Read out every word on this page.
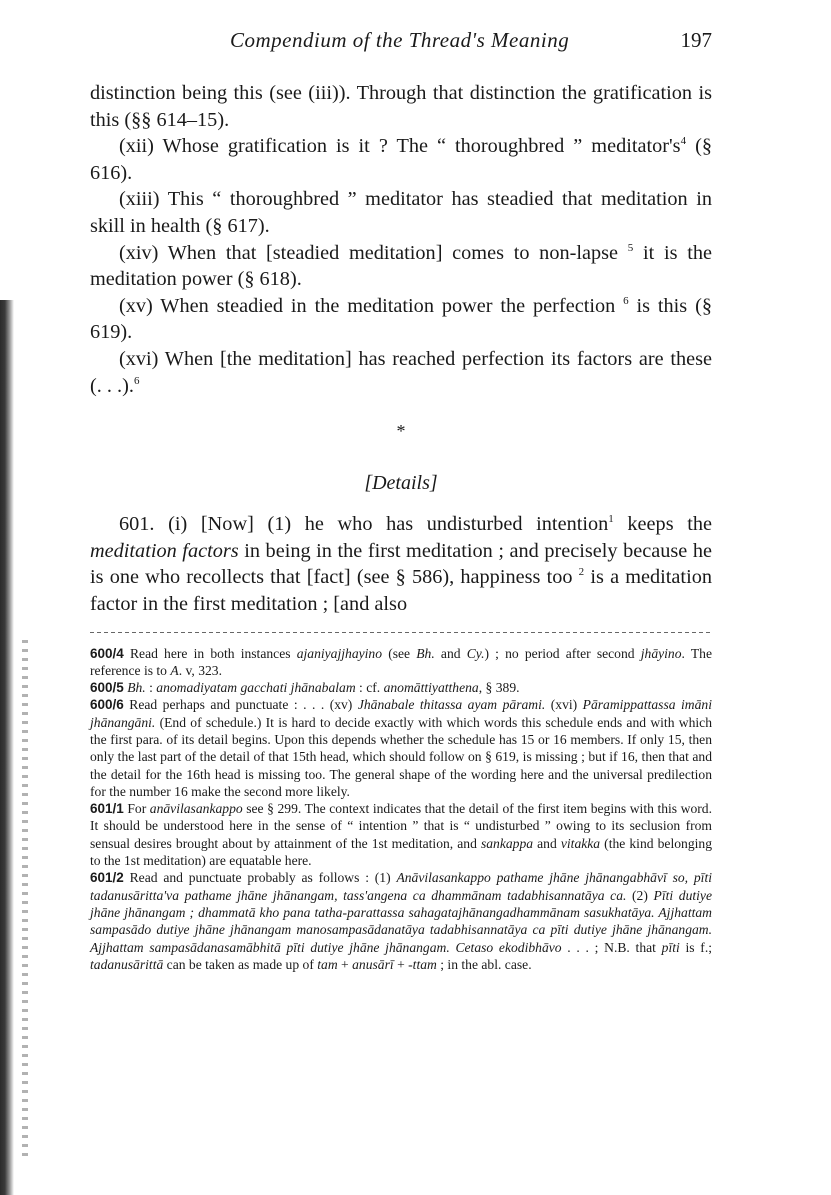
Compendium of the Thread's Meaning	197

distinction being this (see (iii)). Through that distinction the gratification is this (§§ 614–15).

(xii) Whose gratification is it ? The “ thoroughbred ” $meditator's^4$ (§ 616).

(xiii) This “ thoroughbred ” meditator has steadied that meditation in skill in health (§ 617).

(xiv) When that [steadied meditation] comes to non-lapse $^5$ it is the meditation power (§ 618).

(xv) When steadied in the meditation power the perfection $^6$ is this (§ 619).

(xvi) When [the meditation] has reached perfection its factors are these (. . .).$^6$

*
[Details]

601. (i) [Now] (1) he who has undisturbed intention$^1$ keeps the meditation factors in being in the first meditation ; and precisely because he is one who recollects that [fact] (see § 586), happiness too $^2$ is a meditation factor in the first meditation ; [and also

600/4 Read here in both instances ajaniyajjhayino (see Bh. and Cy.) ; no period after second jhāyino. The reference is to A. v, 323.

600/5 Bh. : anomadiyatam gacchati jhānabalam : cf. anomāttiyatthena, § 389.

600/6 Read perhaps and punctuate : . . . (xv) Jhānabale thitassa ayam pārami. (xvi) Pāramippattassa imāni jhānangāni. (End of schedule.) It is hard to decide exactly with which words this schedule ends and with which the first para. of its detail begins. Upon this depends whether the schedule has 15 or 16 members. If only 15, then only the last part of the detail of that 15th head, which should follow on § 619, is missing ; but if 16, then that and the detail for the 16th head is missing too. The general shape of the wording here and the universal predilection for the number 16 make the second more likely.

601/1 For anāvilasankappo see § 299. The context indicates that the detail of the first item begins with this word. It should be understood here in the sense of “ intention ” that is “ undisturbed ” owing to its seclusion from sensual desires brought about by attainment of the 1st meditation, and sankappa and vitakka (the kind belonging to the 1st meditation) are equatable here.

601/2 Read and punctuate probably as follows : (1) Anāvilasankappo pathame jhāne jhānangabhāvī so, pīti tadanusāritta'va pathame jhāne jhānangam, tass'angena ca dhammānam tadabhisannatāya ca. (2) Pīti dutiye jhāne jhānangam ; dhammatā kho pana tatha-parattassa sahagatajhānangadhammānam sasukhatāya. Ajjhattam sampasādo dutiye jhāne jhānangam manosampasādanatāya tadabhisannatāya ca pīti dutiye jhāne jhānangam. Ajjhattam sampasādanasamābhitā pīti dutiye jhāne jhānangam. Cetaso ekodibhāvo . . . ; N.B. that pīti is f.; tadanusārittā can be taken as made up of tam + anusārī + -ttam ; in the abl. case.
